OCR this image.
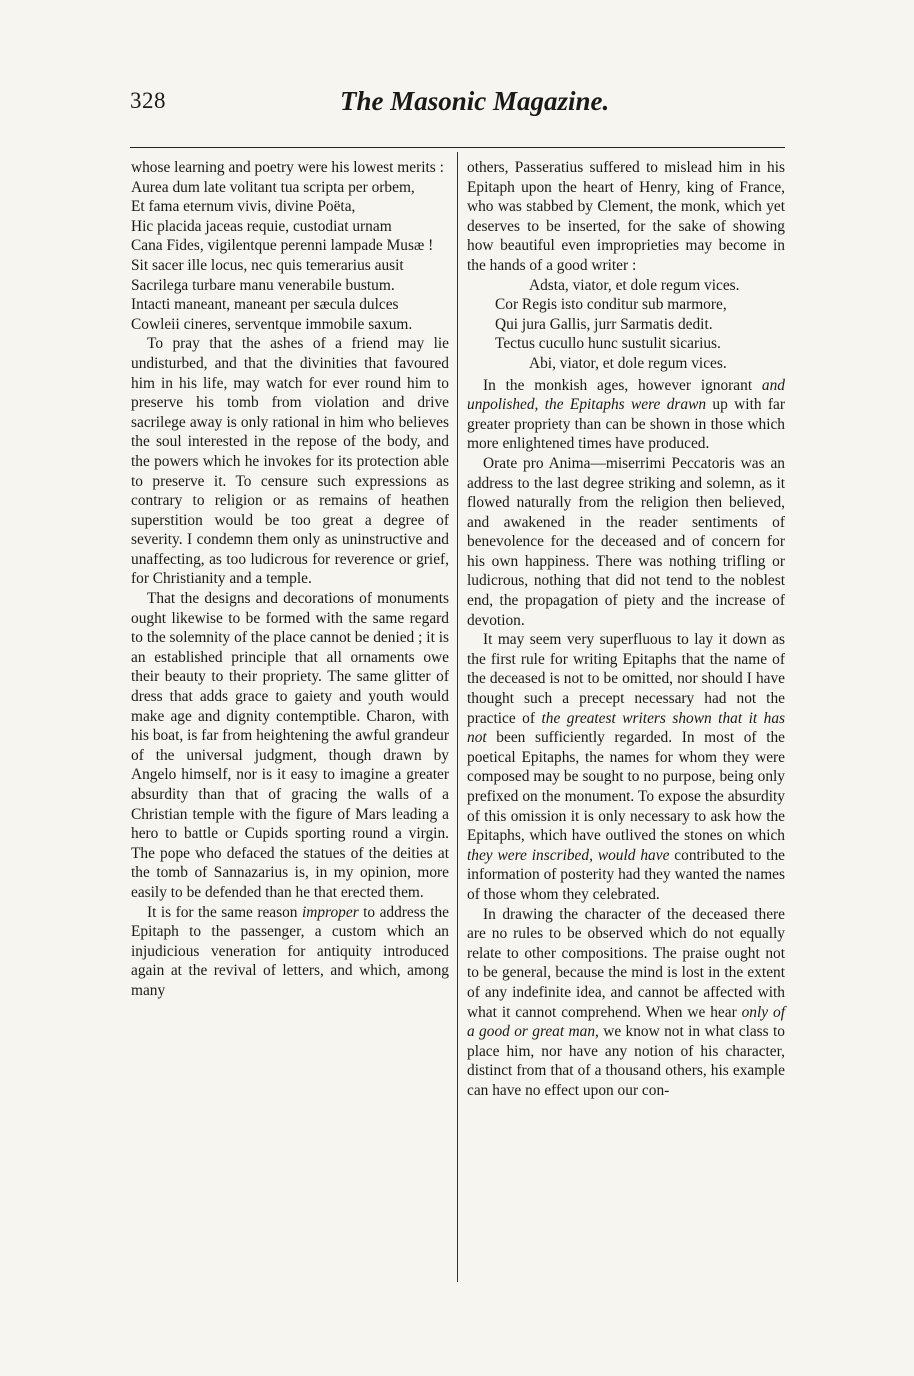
328	The Masonic Magazine.

whose learning and poetry were his lowest merits :

Aurea dum late volitant tua scripta per orbem,
Et fama eternum vivis, divine Poëta,
Hic placida jaceas requie, custodiat urnam
Cana Fides, vigilentque perenni lampade Musæ !
Sit sacer ille locus, nec quis temerarius ausit
Sacrilega turbare manu venerabile bustum.
Intacti maneant, maneant per sæcula dulces
Cowleii cineres, serventque immobile saxum.

To pray that the ashes of a friend may lie undisturbed, and that the divinities that favoured him in his life, may watch for ever round him to preserve his tomb from violation and drive sacrilege away is only rational in him who believes the soul interested in the repose of the body, and the powers which he invokes for its protection able to preserve it. To censure such expressions as contrary to religion or as remains of heathen superstition would be too great a degree of severity. I condemn them only as uninstructive and unaffecting, as too ludicrous for reverence or grief, for Christianity and a temple.

That the designs and decorations of monuments ought likewise to be formed with the same regard to the solemnity of the place cannot be denied ; it is an established principle that all ornaments owe their beauty to their propriety. The same glitter of dress that adds grace to gaiety and youth would make age and dignity contemptible. Charon, with his boat, is far from heightening the awful grandeur of the universal judgment, though drawn by Angelo himself, nor is it easy to imagine a greater absurdity than that of gracing the walls of a Christian temple with the figure of Mars leading a hero to battle or Cupids sporting round a virgin. The pope who defaced the statues of the deities at the tomb of Sannazarius is, in my opinion, more easily to be defended than he that erected them.

It is for the same reason improper to address the Epitaph to the passenger, a custom which an injudicious veneration for antiquity introduced again at the revival of letters, and which, among many

others, Passeratius suffered to mislead him in his Epitaph upon the heart of Henry, king of France, who was stabbed by Clement, the monk, which yet deserves to be inserted, for the sake of showing how beautiful even improprieties may become in the hands of a good writer :

Adsta, viator, et dole regum vices.
Cor Regis isto conditur sub marmore,
Qui jura Gallis, jurr Sarmatis dedit.
Tectus cucullo hunc sustulit sicarius.
Abi, viator, et dole regum vices.

In the monkish ages, however ignorant and unpolished, the Epitaphs were drawn up with far greater propriety than can be shown in those which more enlightened times have produced.

Orate pro Anima—miserrimi Peccatoris was an address to the last degree striking and solemn, as it flowed naturally from the religion then believed, and awakened in the reader sentiments of benevolence for the deceased and of concern for his own happiness. There was nothing trifling or ludicrous, nothing that did not tend to the noblest end, the propagation of piety and the increase of devotion.

It may seem very superfluous to lay it down as the first rule for writing Epitaphs that the name of the deceased is not to be omitted, nor should I have thought such a precept necessary had not the practice of the greatest writers shown that it has not been sufficiently regarded. In most of the poetical Epitaphs, the names for whom they were composed may be sought to no purpose, being only prefixed on the monument. To expose the absurdity of this omission it is only necessary to ask how the Epitaphs, which have outlived the stones on which they were inscribed, would have contributed to the information of posterity had they wanted the names of those whom they celebrated.

In drawing the character of the deceased there are no rules to be observed which do not equally relate to other compositions. The praise ought not to be general, because the mind is lost in the extent of any indefinite idea, and cannot be affected with what it cannot comprehend. When we hear only of a good or great man, we know not in what class to place him, nor have any notion of his character, distinct from that of a thousand others, his example can have no effect upon our con-
